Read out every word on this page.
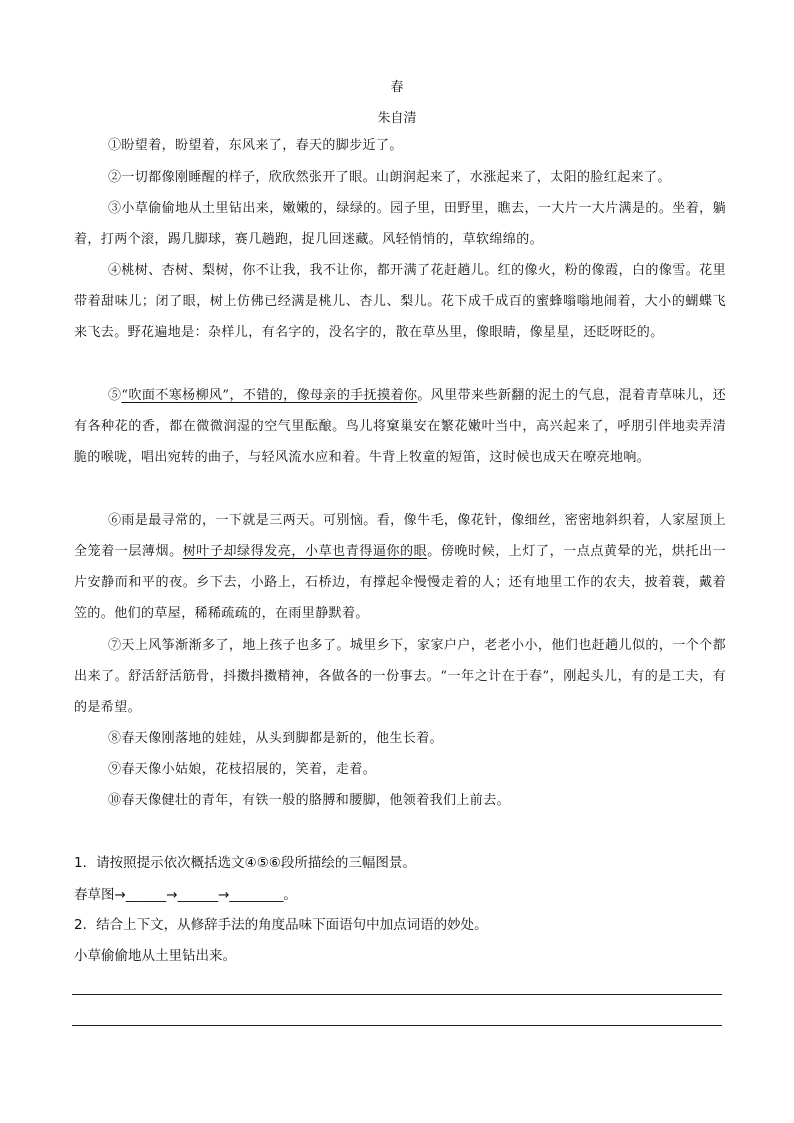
春
朱自清
①盼望着，盼望着，东风来了，春天的脚步近了。
②一切都像刚睡醒的样子，欣欣然张开了眼。山朗润起来了，水涨起来了，太阳的脸红起来了。
③小草偷偷地从土里钻出来，嫩嫩的，绿绿的。园子里，田野里，瞧去，一大片一大片满是的。坐着，躺着，打两个滚，踢几脚球，赛几趟跑，捉几回迷藏。风轻悄悄的，草软绵绵的。
④桃树、杏树、梨树，你不让我，我不让你，都开满了花赶趟儿。红的像火，粉的像霞，白的像雪。花里带着甜味儿；闭了眼，树上仿佛已经满是桃儿、杏儿、梨儿。花下成千成百的蜜蜂嗡嗡地闹着，大小的蝴蝶飞来飞去。野花遍地是：杂样儿，有名字的，没名字的，散在草丛里，像眼睛，像星星，还眨呀眨的。
⑤“吹面不寒杨柳风”，不错的，像母亲的手抚摸着你。风里带来些新翻的泥土的气息，混着青草味儿，还有各种花的香，都在微微润湿的空气里酝酿。鸟儿将窠巢安在繁花嫩叶当中，高兴起来了，呼朋引伴地卖弄清脆的喉咙，唱出宛转的曲子，与轻风流水应和着。牛背上牧童的短笛，这时候也成天在嘹亮地响。
⑥雨是最寻常的，一下就是三两天。可别恼。看，像牛毛，像花针，像细丝，密密地斜织着，人家屋顶上全笼着一层薄烟。树叶子却绿得发亮，小草也青得逼你的眼。傍晚时候，上灯了，一点点黄晕的光，烘托出一片安静而和平的夜。乡下去，小路上，石桥边，有撑起伞慢慢走着的人；还有地里工作的农夫，披着蓑，戴着笠的。他们的草屋，稀稀疏疏的，在雨里静默着。
⑦天上风筝渐渐多了，地上孩子也多了。城里乡下，家家户户，老老小小，他们也赶趟儿似的，一个个都出来了。舒活舒活筋骨，抖擞抖擞精神，各做各的一份事去。“一年之计在于春”，刚起头儿，有的是工夫，有的是希望。
⑧春天像刚落地的娃娃，从头到脚都是新的，他生长着。
⑨春天像小姑娘，花枝招展的，笑着，走着。
⑩春天像健壮的青年，有铁一般的胳膊和腰脚，他领着我们上前去。
1．请按照提示依次概括选文④⑤⑥段所描绘的三幅图景。
春草图→______→______→________。
2．结合上下文，从修辞手法的角度品味下面语句中加点词语的妙处。
小草偷偷地从土里钻出来。
